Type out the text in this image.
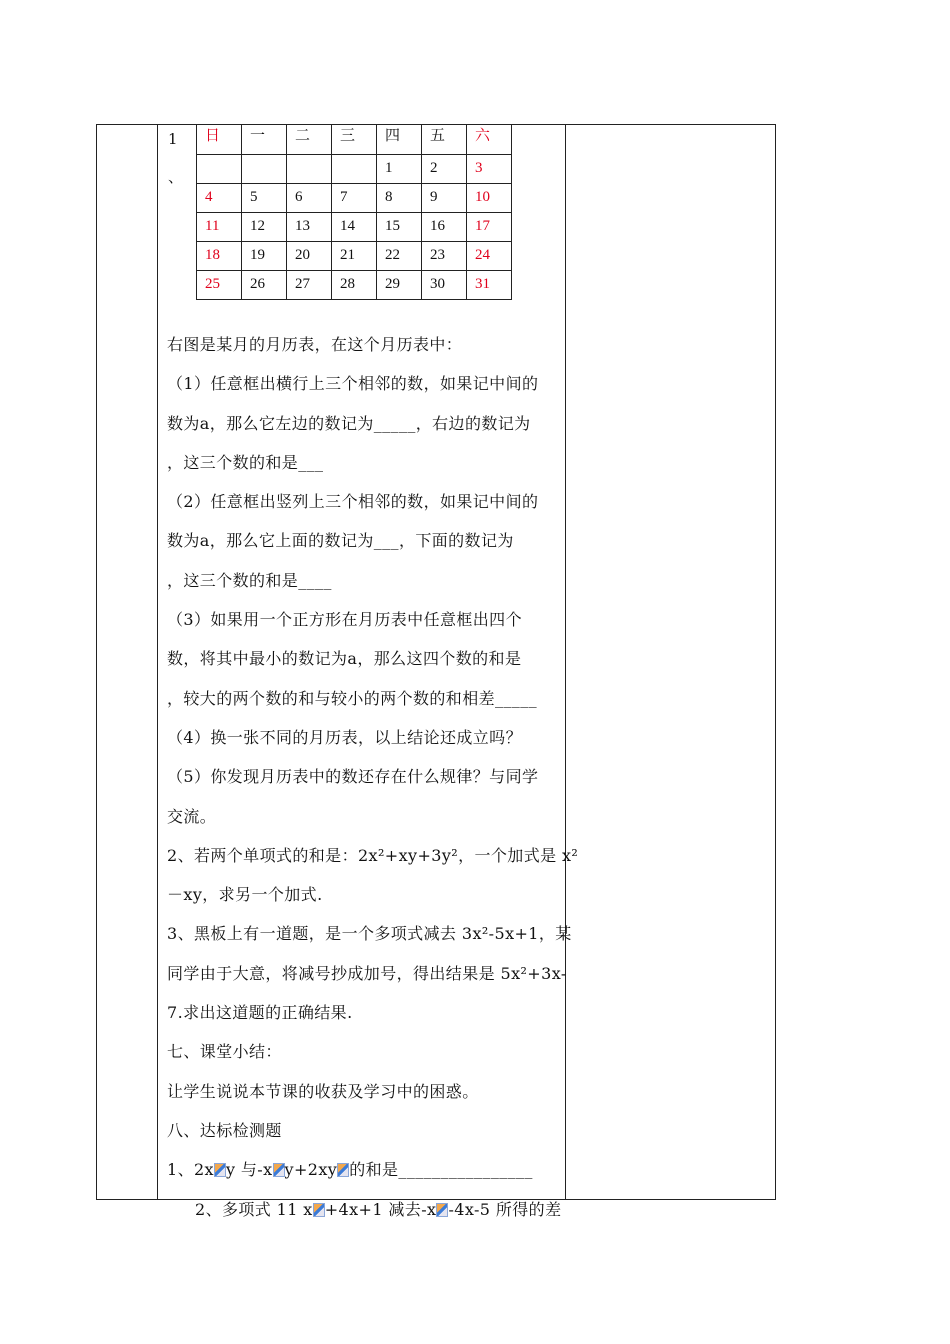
1
、
日	一	二	三	四	五	六
				1	2	3
4	5	6	7	8	9	10
11	12	13	14	15	16	17
18	19	20	21	22	23	24
25	26	27	28	29	30	31
右图是某月的月历表，在这个月历表中：
（1）任意框出横行上三个相邻的数，如果记中间的
数为a，那么它左边的数记为_____，右边的数记为
，这三个数的和是___
（2）任意框出竖列上三个相邻的数，如果记中间的
数为a，那么它上面的数记为___，下面的数记为
，这三个数的和是____
（3）如果用一个正方形在月历表中任意框出四个
数，将其中最小的数记为a，那么这四个数的和是
，较大的两个数的和与较小的两个数的和相差_____
（4）换一张不同的月历表，以上结论还成立吗？
（5）你发现月历表中的数还存在什么规律？与同学
交流。
2、若两个单项式的和是：2x²+xy+3y²，一个加式是 x²
－xy，求另一个加式.
3、黑板上有一道题，是一个多项式减去 3x²-5x+1，某
同学由于大意，将减号抄成加号，得出结果是 5x²+3x-
7.求出这道题的正确结果.
七、课堂小结：
让学生说说本节课的收获及学习中的困惑。
八、达标检测题
1、2x y 与-x y+2xy 的和是________________
2、多项式 11 x +4x+1 减去-x -4x-5 所得的差
